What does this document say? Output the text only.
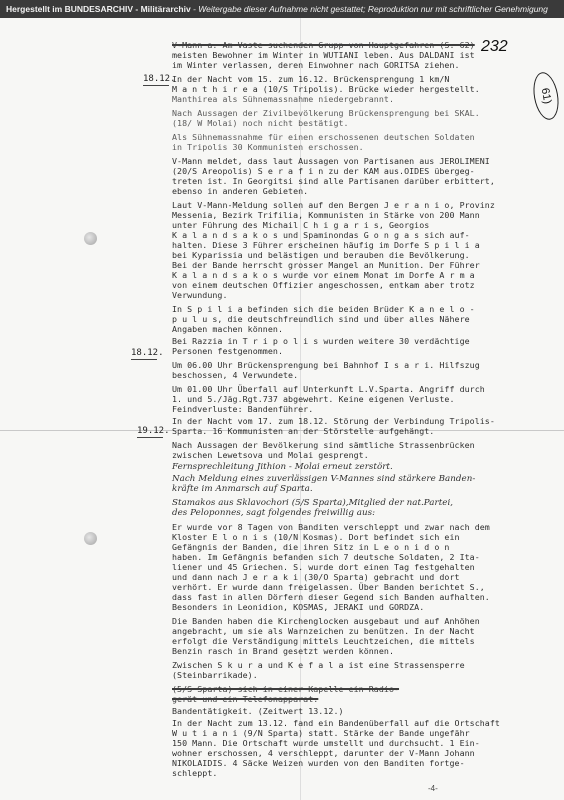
Hergestellt im BUNDESARCHIV - Militärarchiv - Weitergabe dieser Aufnahme nicht gestattet; Reproduktion nur mit schriftlicher Genehmigung
232
61)
18.12.
18.12.
19.12.
V-Mann a. Am Vaste suchenden Grupp von Hauptgefahren (S. 62)
meisten Bewohner im Winter in WUTIANI leben. Aus DALDANI ist
im Winter verlassen, deren Einwohner nach GORITSA ziehen.
In der Nacht vom 15. zum 16.12. Brückensprengung 1 km/N
M a n t h i r e a (10/S Tripolis). Brücke wieder hergestellt.
Manthirea als Sühnemassnahme niedergebrannt.
Nach Aussagen der Zivilbevölkerung Brückensprengung bei SKAL.
(18/ W Molai) noch nicht bestätigt.
Als Sühnemassnahme für einen erschossenen deutschen Soldaten
in Tripolis 30 Kommunisten erschossen.
V-Mann meldet, dass laut Aussagen von Partisanen aus JEROLIMENI
(20/S Areopolis) S e r a f i n zu der KAM aus.OIDES übergeg-
treten ist. In Georgitsi sind alle Partisanen darüber erbittert,
ebenso in anderen Gebieten.
Laut V-Mann-Meldung sollen auf den Bergen J e r a n i o, Provinz
Messenia, Bezirk Trifilia, Kommunisten in Stärke von 200 Mann
unter Führung des Michail C h i g a r i s, Georgios
K a l a n d s a k o s und Spaminondas G o n g a s sich auf-
halten. Diese 3 Führer erscheinen häufig im Dorfe S p i l i a
bei Kyparissia und belästigen und berauben die Bevölkerung.
Bei der Bande herrscht grosser Mangel an Munition. Der Führer
K a l a n d s a k o s wurde vor einem Monat im Dorfe A r m a
von einem deutschen Offizier angeschossen, entkam aber trotz
Verwundung.
In S p i l i a befinden sich die beiden Brüder K a n e l o -
p u l u s, die deutschfreundlich sind und über alles Nähere
Angaben machen können.
Bei Razzia in T r i p o l i s wurden weitere 30 verdächtige
Personen festgenommen.
Um 06.00 Uhr Brückensprengung bei Bahnhof I s a r i. Hilfszug
beschossen, 4 Verwundete.
Um 01.00 Uhr Überfall auf Unterkunft L.V.Sparta. Angriff durch
1. und 5./Jäg.Rgt.737 abgewehrt. Keine eigenen Verluste.
Feindverluste: Bandenführer.
In der Nacht vom 17. zum 18.12. Störung der Verbindung Tripolis-
Sparta. 16 Kommunisten an der Störstelle aufgehängt.
Nach Aussagen der Bevölkerung sind sämtliche Strassenbrücken
zwischen Lewetsova und Molai gesprengt.
Fernsprechleitung Jithion - Molai erneut zerstört.
Nach Meldung eines zuverlässigen V-Mannes sind stärkere Banden-
kräfte im Anmarsch auf Sparta.
Stamakos aus Sklavochori (5/S Sparta),Mitglied der nat.Partei,
des Peloponnes, sagt folgendes freiwillig aus:
Er wurde vor 8 Tagen von Banditen verschleppt und zwar nach dem
Kloster E l o n i s (10/N Kosmas). Dort befindet sich ein
Gefängnis der Banden, die ihren Sitz in L e o n i d o n
haben. Im Gefängnis befanden sich 7 deutsche Soldaten, 2 Ita-
liener und 45 Griechen. S. wurde dort einen Tag festgehalten
und dann nach J e r a k i (30/O Sparta) gebracht und dort
verhört. Er wurde dann freigelassen. Über Banden berichtet S.,
dass fast in allen Dörfern dieser Gegend sich Banden aufhalten.
Besonders in Leonidion, KOSMAS, JERAKI und GORDZA.
Die Banden haben die Kirchenglocken ausgebaut und auf Anhöhen
angebracht, um sie als Warnzeichen zu benützen. In der Nacht
erfolgt die Verständigung mittels Leuchtzeichen, die mittels
Benzin rasch in Brand gesetzt werden können.
Zwischen S k u r a und K e f a l a ist eine Strassensperre
(Steinbarrikade).
(5/S Sparta) sich in einer Kapelle ein Radio-
gerät und ein Telefonapparat.
Bandentätigkeit. (Zeitwert 13.12.)
In der Nacht zum 13.12. fand ein Bandenüberfall auf die Ortschaft
W u t i a n i (9/N Sparta) statt. Stärke der Bande ungefähr
150 Mann. Die Ortschaft wurde umstellt und durchsucht. 1 Ein-
wohner erschossen, 4 verschleppt, darunter der V-Mann Johann
NIKOLAIDIS. 4 Säcke Weizen wurden von den Banditen fortge-
schleppt.
-4-
